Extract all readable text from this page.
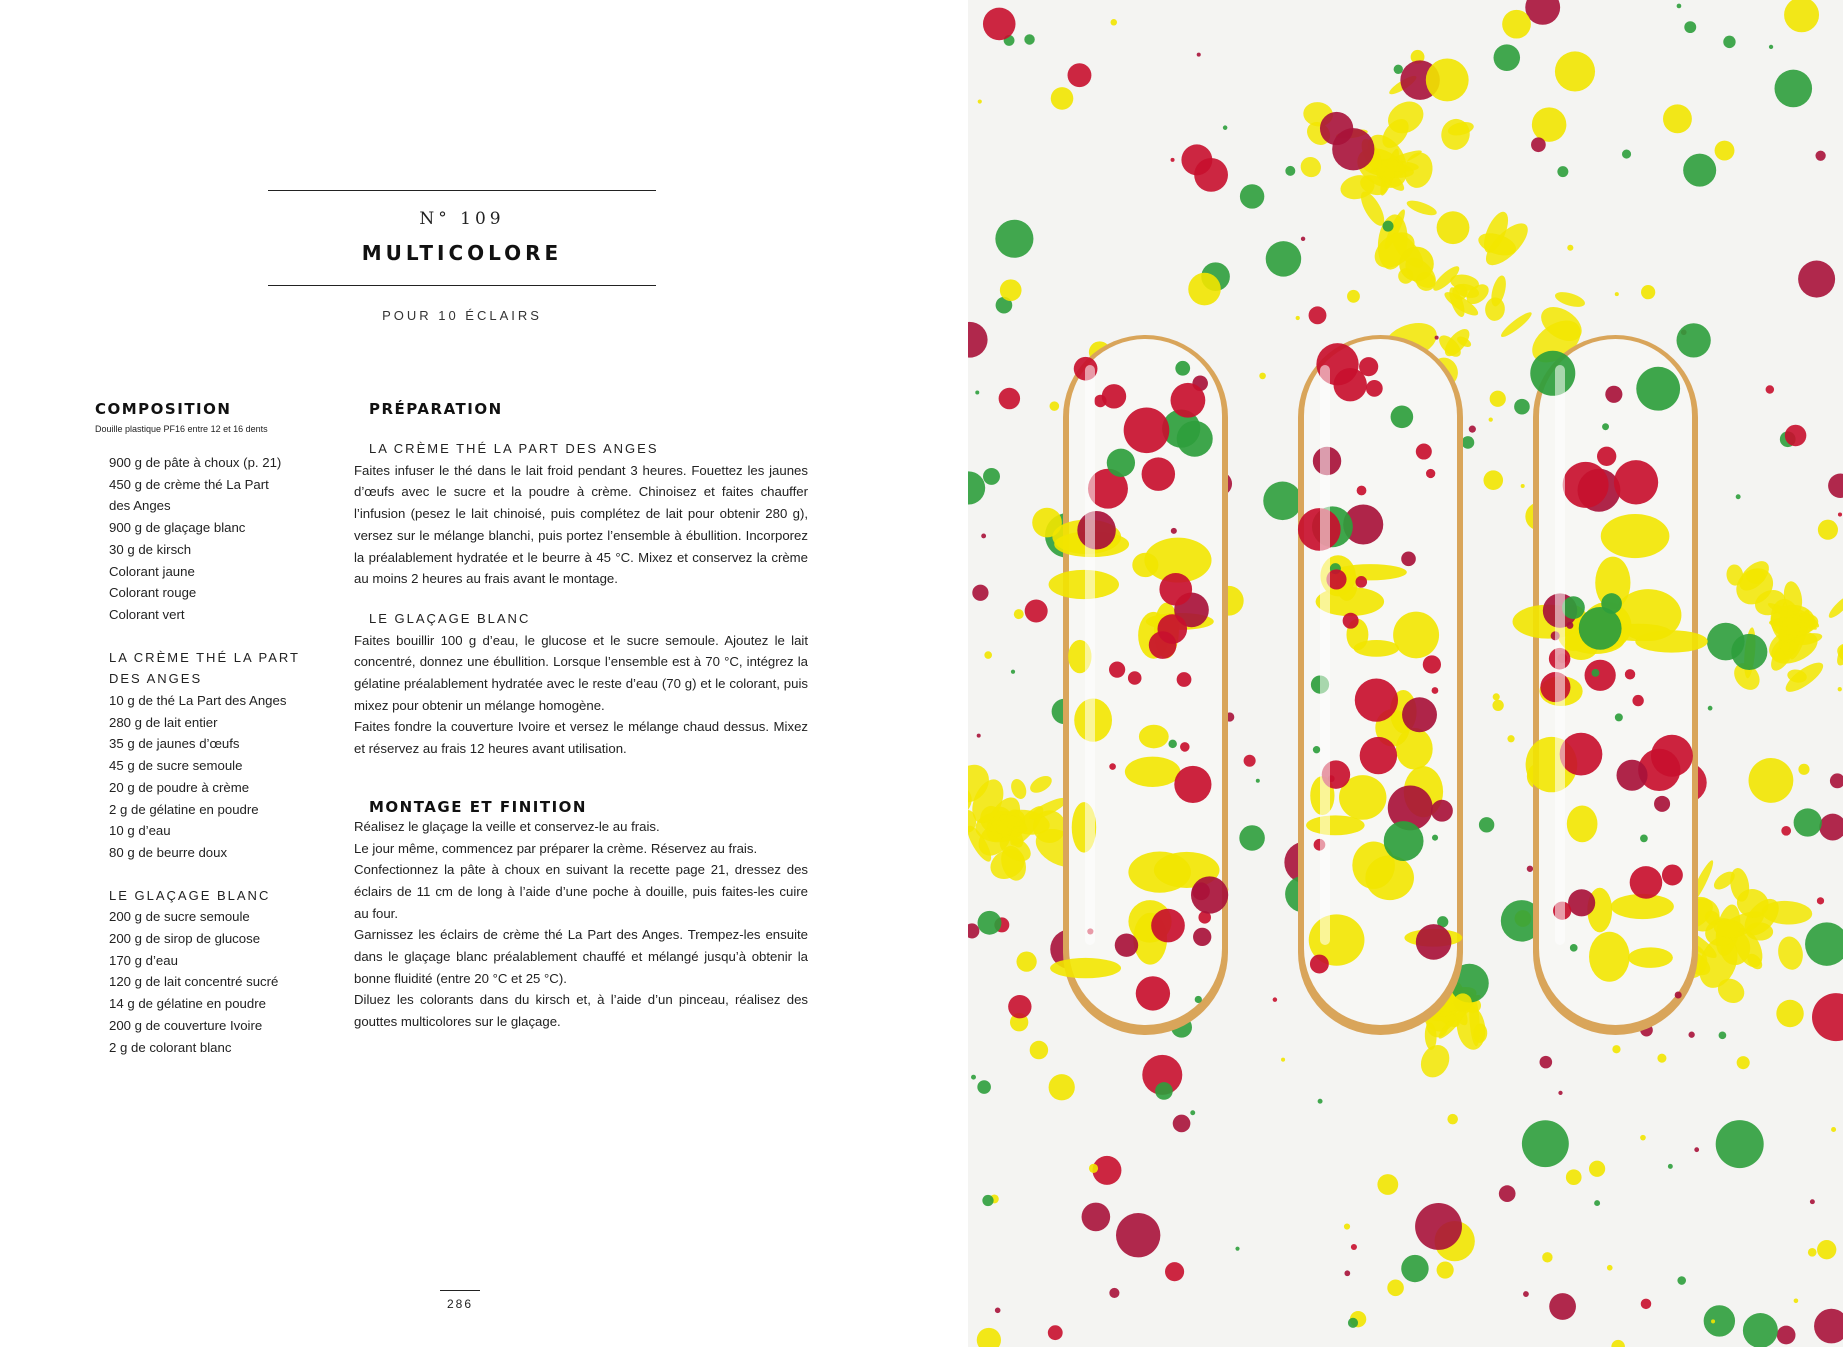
N° 109
MULTICOLORE
POUR 10 ÉCLAIRS
COMPOSITION
Douille plastique PF16 entre 12 et 16 dents
900 g de pâte à choux (p. 21)
450 g de crème thé La Part
des Anges
900 g de glaçage blanc
30 g de kirsch
Colorant jaune
Colorant rouge
Colorant vert
LA CRÈME THÉ LA PART
DES ANGES
10 g de thé La Part des Anges
280 g de lait entier
35 g de jaunes d’œufs
45 g de sucre semoule
20 g de poudre à crème
2 g de gélatine en poudre
10 g d’eau
80 g de beurre doux
LE GLAÇAGE BLANC
200 g de sucre semoule
200 g de sirop de glucose
170 g d’eau
120 g de lait concentré sucré
14 g de gélatine en poudre
200 g de couverture Ivoire
2 g de colorant blanc
PRÉPARATION
LA CRÈME THÉ LA PART DES ANGES

Faites infuser le thé dans le lait froid pendant 3 heures. Fouettez les jaunes d’œufs avec le sucre et la poudre à crème. Chinoisez et faites chauffer l’infusion (pesez le lait chinoisé, puis complétez de lait pour obtenir 280 g), versez sur le mélange blanchi, puis portez l’ensemble à ébullition. Incorporez la préalablement hydratée et le beurre à 45 °C. Mixez et conservez la crème au moins 2 heures au frais avant le montage.

LE GLAÇAGE BLANC

Faites bouillir 100 g d’eau, le glucose et le sucre semoule. Ajoutez le lait concentré, donnez une ébullition. Lorsque l’ensemble est à 70 °C, intégrez la gélatine préalablement hydratée avec le reste d’eau (70 g) et le colorant, puis mixez pour obtenir un mélange homogène.

Faites fondre la couverture Ivoire et versez le mélange chaud dessus. Mixez et réservez au frais 12 heures avant utilisation.

MONTAGE ET FINITION

Réalisez le glaçage la veille et conservez-le au frais.

Le jour même, commencez par préparer la crème. Réservez au frais.

Confectionnez la pâte à choux en suivant la recette page 21, dressez des éclairs de 11 cm de long à l’aide d’une poche à douille, puis faites-les cuire au four.

Garnissez les éclairs de crème thé La Part des Anges. Trempez-les ensuite dans le glaçage blanc préalablement chauffé et mélangé jusqu’à obtenir la bonne fluidité (entre 20 °C et 25 °C).

Diluez les colorants dans du kirsch et, à l’aide d’un pinceau, réalisez des gouttes multicolores sur le glaçage.

286
